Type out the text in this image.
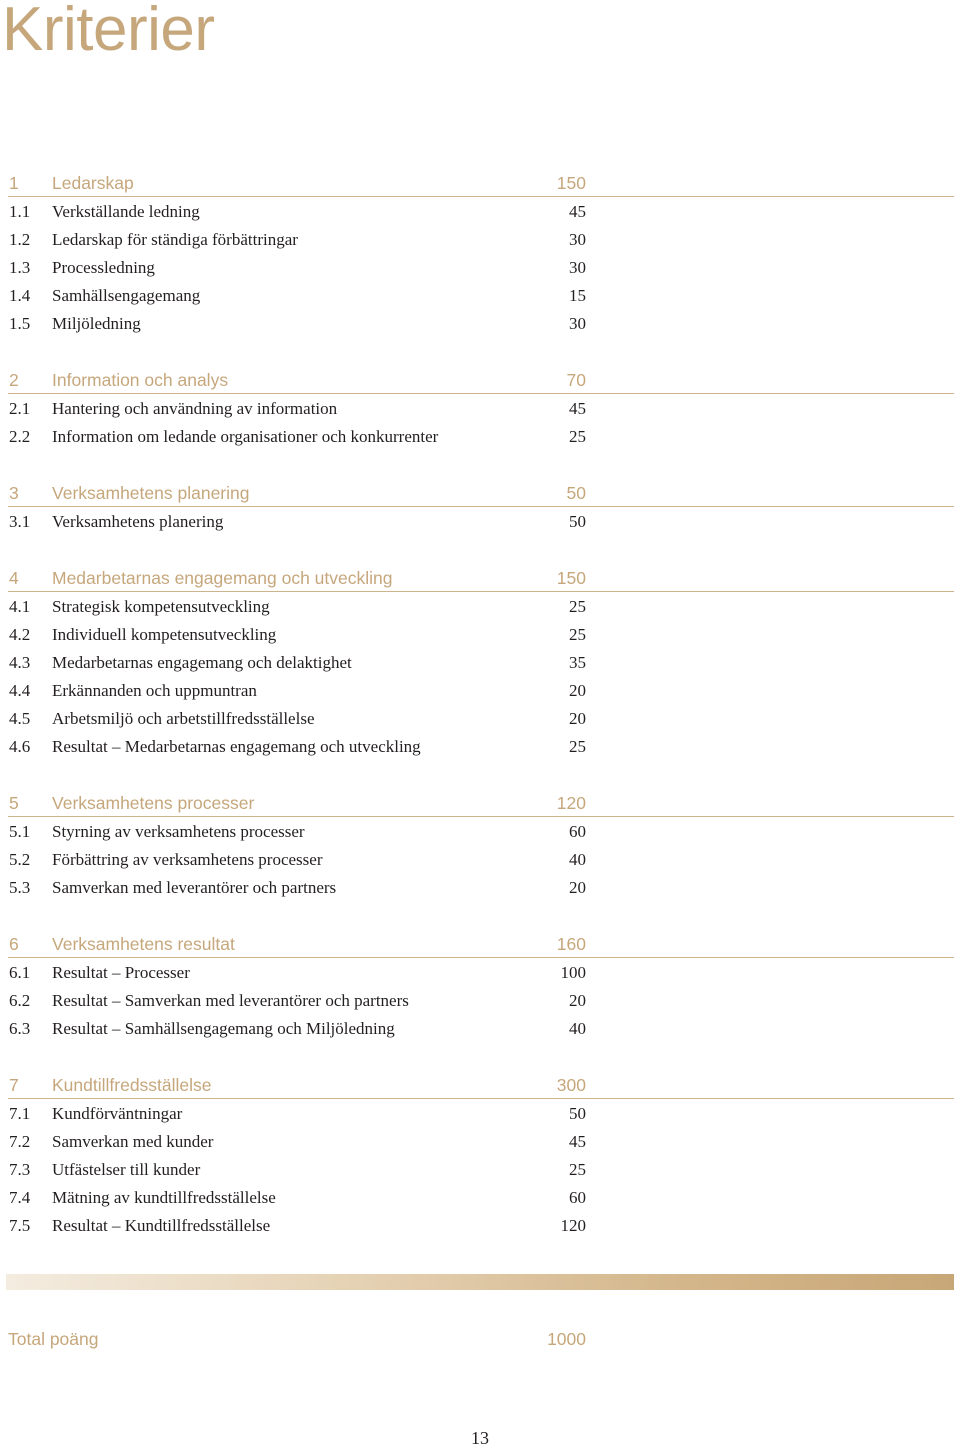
Kriterier
1 Ledarskap	150
1.1 Verkställande ledning	45
1.2 Ledarskap för ständiga förbättringar	30
1.3 Processledning	30
1.4 Samhällsengagemang	15
1.5 Miljöledning	30
2 Information och analys	70
2.1 Hantering och användning av information	45
2.2 Information om ledande organisationer och konkurrenter	25
3 Verksamhetens planering	50
3.1 Verksamhetens planering	50
4 Medarbetarnas engagemang och utveckling	150
4.1 Strategisk kompetensutveckling	25
4.2 Individuell kompetensutveckling	25
4.3 Medarbetarnas engagemang och delaktighet	35
4.4 Erkännanden och uppmuntran	20
4.5 Arbetsmiljö och arbetstillfredsställelse	20
4.6 Resultat – Medarbetarnas engagemang och utveckling	25
5 Verksamhetens processer	120
5.1 Styrning av verksamhetens processer	60
5.2 Förbättring av verksamhetens processer	40
5.3 Samverkan med leverantörer och partners	20
6 Verksamhetens resultat	160
6.1 Resultat – Processer	100
6.2 Resultat – Samverkan med leverantörer och partners	20
6.3 Resultat – Samhällsengagemang och Miljöledning	40
7 Kundtillfredsställelse	300
7.1 Kundförväntningar	50
7.2 Samverkan med kunder	45
7.3 Utfästelser till kunder	25
7.4 Mätning av kundtillfredsställelse	60
7.5 Resultat – Kundtillfredsställelse	120
Total poäng	1000
13
